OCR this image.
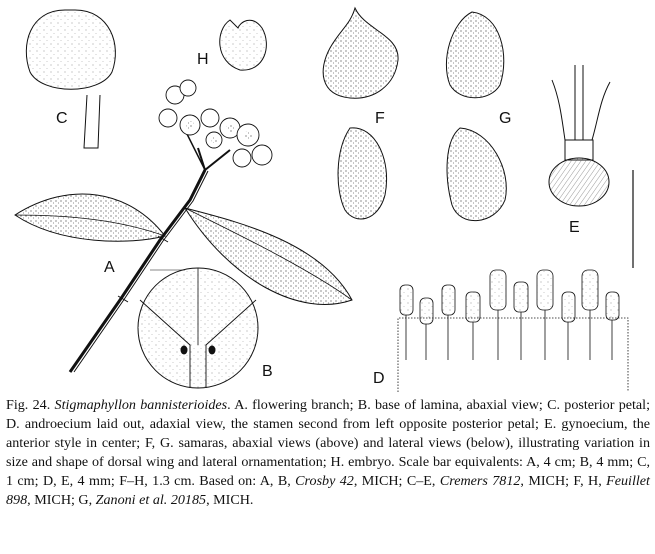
C
H
F	G
E
A
B	D
Fig. 24. Stigmaphyllon bannisterioides. A. flowering branch; B. base of lamina, abaxial view; C. posterior petal; D. androecium laid out, adaxial view, the stamen second from left opposite posterior petal; E. gynoecium, the anterior style in center; F, G. samaras, abaxial views (above) and lateral views (below), illustrating variation in size and shape of dorsal wing and lateral ornamentation; H. embryo. Scale bar equivalents: A, 4 cm; B, 4 mm; C, 1 cm; D, E, 4 mm; F–H, 1.3 cm. Based on: A, B, Crosby 42, MICH; C–E, Cremers 7812, MICH; F, H, Feuillet 898, MICH; G, Zanoni et al. 20185, MICH.
